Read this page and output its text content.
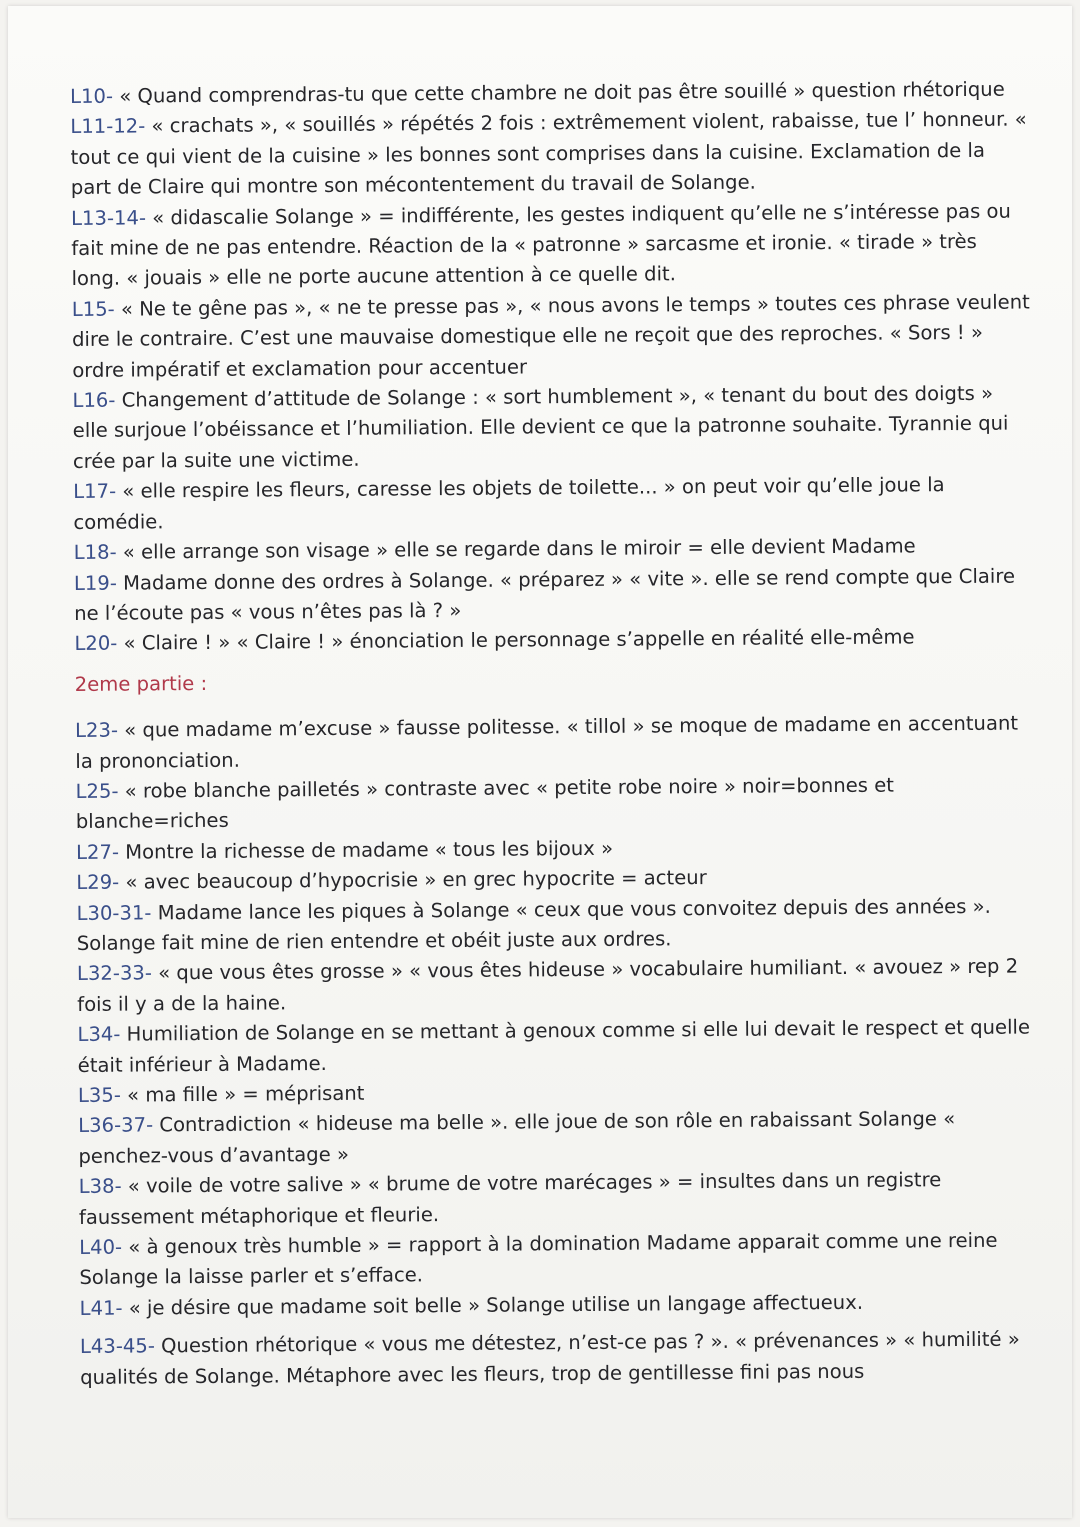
L10- « Quand comprendras-tu que cette chambre ne doit pas être souillé » question rhétorique

L11-12- « crachats », « souillés » répétés 2 fois : extrêmement violent, rabaisse, tue l’ honneur. « tout ce qui vient de la cuisine » les bonnes sont comprises dans la cuisine. Exclamation de la part de Claire qui montre son mécontentement du travail de Solange.

L13-14- « didascalie Solange » = indifférente, les gestes indiquent qu’elle ne s’intéresse pas ou fait mine de ne pas entendre. Réaction de la « patronne » sarcasme et ironie. « tirade » très long. « jouais » elle ne porte aucune attention à ce quelle dit.

L15- « Ne te gêne pas », « ne te presse pas », « nous avons le temps » toutes ces phrase veulent dire le contraire. C’est une mauvaise domestique elle ne reçoit que des reproches. « Sors ! » ordre impératif et exclamation pour accentuer

L16- Changement d’attitude de Solange : « sort humblement », « tenant du bout des doigts » elle surjoue l’obéissance et l’humiliation. Elle devient ce que la patronne souhaite. Tyrannie qui crée par la suite une victime.

L17- « elle respire les fleurs, caresse les objets de toilette... » on peut voir qu’elle joue la comédie.

L18- « elle arrange son visage » elle se regarde dans le miroir = elle devient Madame

L19- Madame donne des ordres à Solange. « préparez » « vite ». elle se rend compte que Claire ne l’écoute pas « vous n’êtes pas là ? »

L20- « Claire ! » « Claire ! » énonciation le personnage s’appelle en réalité elle-même

2eme partie :

L23- « que madame m’excuse » fausse politesse. « tillol » se moque de madame en accentuant la prononciation.

L25- « robe blanche pailletés » contraste avec « petite robe noire » noir=bonnes et blanche=riches

L27- Montre la richesse de madame « tous les bijoux »

L29- « avec beaucoup d’hypocrisie » en grec hypocrite = acteur

L30-31- Madame lance les piques à Solange « ceux que vous convoitez depuis des années ». Solange fait mine de rien entendre et obéit juste aux ordres.

L32-33- « que vous êtes grosse » « vous êtes hideuse » vocabulaire humiliant. « avouez » rep 2 fois il y a de la haine.

L34- Humiliation de Solange en se mettant à genoux comme si elle lui devait le respect et quelle était inférieur à Madame.

L35- « ma fille » = méprisant

L36-37- Contradiction « hideuse ma belle ». elle joue de son rôle en rabaissant Solange « penchez-vous d’avantage »

L38- « voile de votre salive » « brume de votre marécages » = insultes dans un registre faussement métaphorique et fleurie.

L40- « à genoux très humble » = rapport à la domination Madame apparait comme une reine Solange la laisse parler et s’efface.

L41- « je désire que madame soit belle » Solange utilise un langage affectueux.

L43-45- Question rhétorique « vous me détestez, n’est-ce pas ? ». « prévenances » « humilité » qualités de Solange. Métaphore avec les fleurs, trop de gentillesse fini pas nous
